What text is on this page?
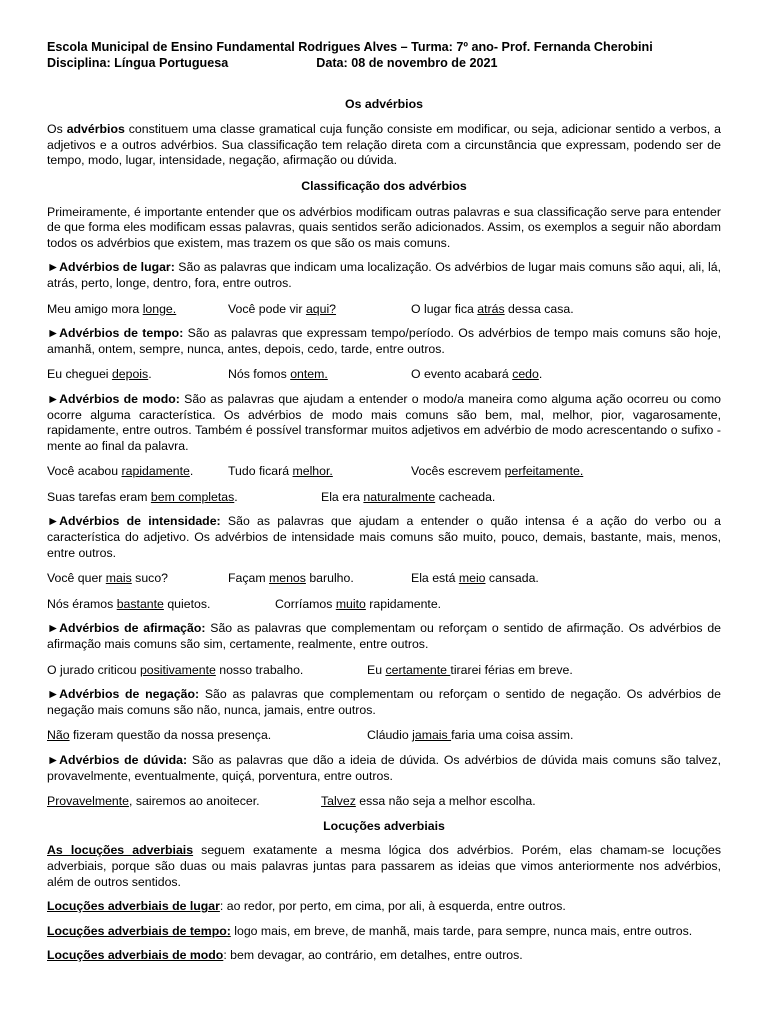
Escola Municipal de Ensino Fundamental Rodrigues Alves – Turma: 7º ano- Prof. Fernanda Cherobini
Disciplina: Língua Portuguesa	Data: 08 de novembro de 2021

Os advérbios

Os advérbios constituem uma classe gramatical cuja função consiste em modificar, ou seja, adicionar sentido a verbos, a adjetivos e a outros advérbios. Sua classificação tem relação direta com a circunstância que expressam, podendo ser de tempo, modo, lugar, intensidade, negação, afirmação ou dúvida.

Classificação dos advérbios

Primeiramente, é importante entender que os advérbios modificam outras palavras e sua classificação serve para entender de que forma eles modificam essas palavras, quais sentidos serão adicionados. Assim, os exemplos a seguir não abordam todos os advérbios que existem, mas trazem os que são os mais comuns.

►Advérbios de lugar: São as palavras que indicam uma localização. Os advérbios de lugar mais comuns são aqui, ali, lá, atrás, perto, longe, dentro, fora, entre outros.

Meu amigo mora longe.	Você pode vir aqui?	O lugar fica atrás dessa casa.

►Advérbios de tempo: São as palavras que expressam tempo/período. Os advérbios de tempo mais comuns são hoje, amanhã, ontem, sempre, nunca, antes, depois, cedo, tarde, entre outros.

Eu cheguei depois.	Nós fomos ontem.	O evento acabará cedo.

►Advérbios de modo: São as palavras que ajudam a entender o modo/a maneira como alguma ação ocorreu ou como ocorre alguma característica. Os advérbios de modo mais comuns são bem, mal, melhor, pior, vagarosamente, rapidamente, entre outros. Também é possível transformar muitos adjetivos em advérbio de modo acrescentando o sufixo -mente ao final da palavra.

Você acabou rapidamente.	Tudo ficará melhor.	Vocês escrevem perfeitamente.
Suas tarefas eram bem completas.	Ela era naturalmente cacheada.

►Advérbios de intensidade: São as palavras que ajudam a entender o quão intensa é a ação do verbo ou a característica do adjetivo. Os advérbios de intensidade mais comuns são muito, pouco, demais, bastante, mais, menos, entre outros.

Você quer mais suco?	Façam menos barulho.	Ela está meio cansada.
Nós éramos bastante quietos.	Corríamos muito rapidamente.

►Advérbios de afirmação: São as palavras que complementam ou reforçam o sentido de afirmação. Os advérbios de afirmação mais comuns são sim, certamente, realmente, entre outros.

O jurado criticou positivamente nosso trabalho.	Eu certamente tirarei férias em breve.

►Advérbios de negação: São as palavras que complementam ou reforçam o sentido de negação. Os advérbios de negação mais comuns são não, nunca, jamais, entre outros.

Não fizeram questão da nossa presença.	Cláudio jamais faria uma coisa assim.

►Advérbios de dúvida: São as palavras que dão a ideia de dúvida. Os advérbios de dúvida mais comuns são talvez, provavelmente, eventualmente, quiçá, porventura, entre outros.

Provavelmente, sairemos ao anoitecer.	Talvez essa não seja a melhor escolha.

Locuções adverbiais

As locuções adverbiais seguem exatamente a mesma lógica dos advérbios. Porém, elas chamam-se locuções adverbiais, porque são duas ou mais palavras juntas para passarem as ideias que vimos anteriormente nos advérbios, além de outros sentidos.

Locuções adverbiais de lugar: ao redor, por perto, em cima, por ali, à esquerda, entre outros.

Locuções adverbiais de tempo: logo mais, em breve, de manhã, mais tarde, para sempre, nunca mais, entre outros.

Locuções adverbiais de modo: bem devagar, ao contrário, em detalhes, entre outros.
